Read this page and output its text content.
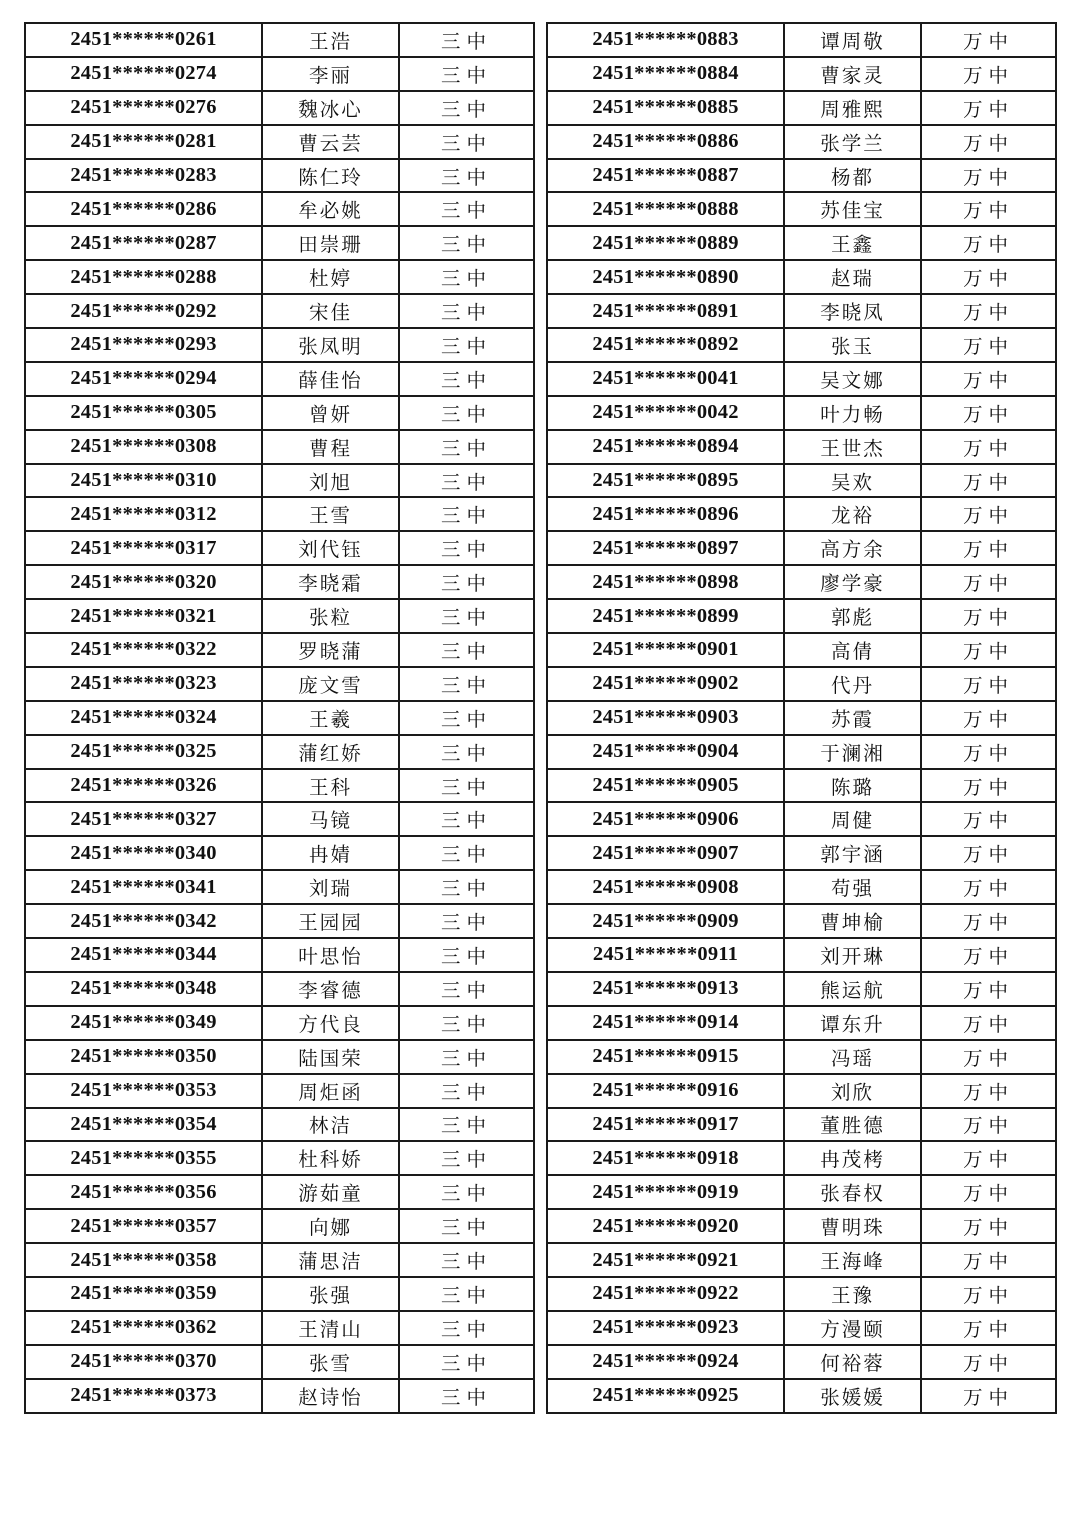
2451******0261	王浩	三中
2451******0274	李丽	三中
2451******0276	魏冰心	三中
2451******0281	曹云芸	三中
2451******0283	陈仁玲	三中
2451******0286	牟必姚	三中
2451******0287	田崇珊	三中
2451******0288	杜婷	三中
2451******0292	宋佳	三中
2451******0293	张凤明	三中
2451******0294	薛佳怡	三中
2451******0305	曾妍	三中
2451******0308	曹程	三中
2451******0310	刘旭	三中
2451******0312	王雪	三中
2451******0317	刘代钰	三中
2451******0320	李晓霜	三中
2451******0321	张粒	三中
2451******0322	罗晓蒲	三中
2451******0323	庞文雪	三中
2451******0324	王羲	三中
2451******0325	蒲红娇	三中
2451******0326	王科	三中
2451******0327	马镜	三中
2451******0340	冉婧	三中
2451******0341	刘瑞	三中
2451******0342	王园园	三中
2451******0344	叶思怡	三中
2451******0348	李睿德	三中
2451******0349	方代良	三中
2451******0350	陆国荣	三中
2451******0353	周炬函	三中
2451******0354	林洁	三中
2451******0355	杜科娇	三中
2451******0356	游茹童	三中
2451******0357	向娜	三中
2451******0358	蒲思洁	三中
2451******0359	张强	三中
2451******0362	王清山	三中
2451******0370	张雪	三中
2451******0373	赵诗怡	三中
2451******0883	谭周敬	万中
2451******0884	曹家灵	万中
2451******0885	周雅熙	万中
2451******0886	张学兰	万中
2451******0887	杨都	万中
2451******0888	苏佳宝	万中
2451******0889	王鑫	万中
2451******0890	赵瑞	万中
2451******0891	李晓凤	万中
2451******0892	张玉	万中
2451******0041	吴文娜	万中
2451******0042	叶力畅	万中
2451******0894	王世杰	万中
2451******0895	吴欢	万中
2451******0896	龙裕	万中
2451******0897	高方余	万中
2451******0898	廖学豪	万中
2451******0899	郭彪	万中
2451******0901	高倩	万中
2451******0902	代丹	万中
2451******0903	苏霞	万中
2451******0904	于澜湘	万中
2451******0905	陈璐	万中
2451******0906	周健	万中
2451******0907	郭宇涵	万中
2451******0908	苟强	万中
2451******0909	曹坤榆	万中
2451******0911	刘开琳	万中
2451******0913	熊运航	万中
2451******0914	谭东升	万中
2451******0915	冯瑶	万中
2451******0916	刘欣	万中
2451******0917	董胜德	万中
2451******0918	冉茂栲	万中
2451******0919	张春权	万中
2451******0920	曹明珠	万中
2451******0921	王海峰	万中
2451******0922	王豫	万中
2451******0923	方漫颐	万中
2451******0924	何裕蓉	万中
2451******0925	张媛媛	万中
